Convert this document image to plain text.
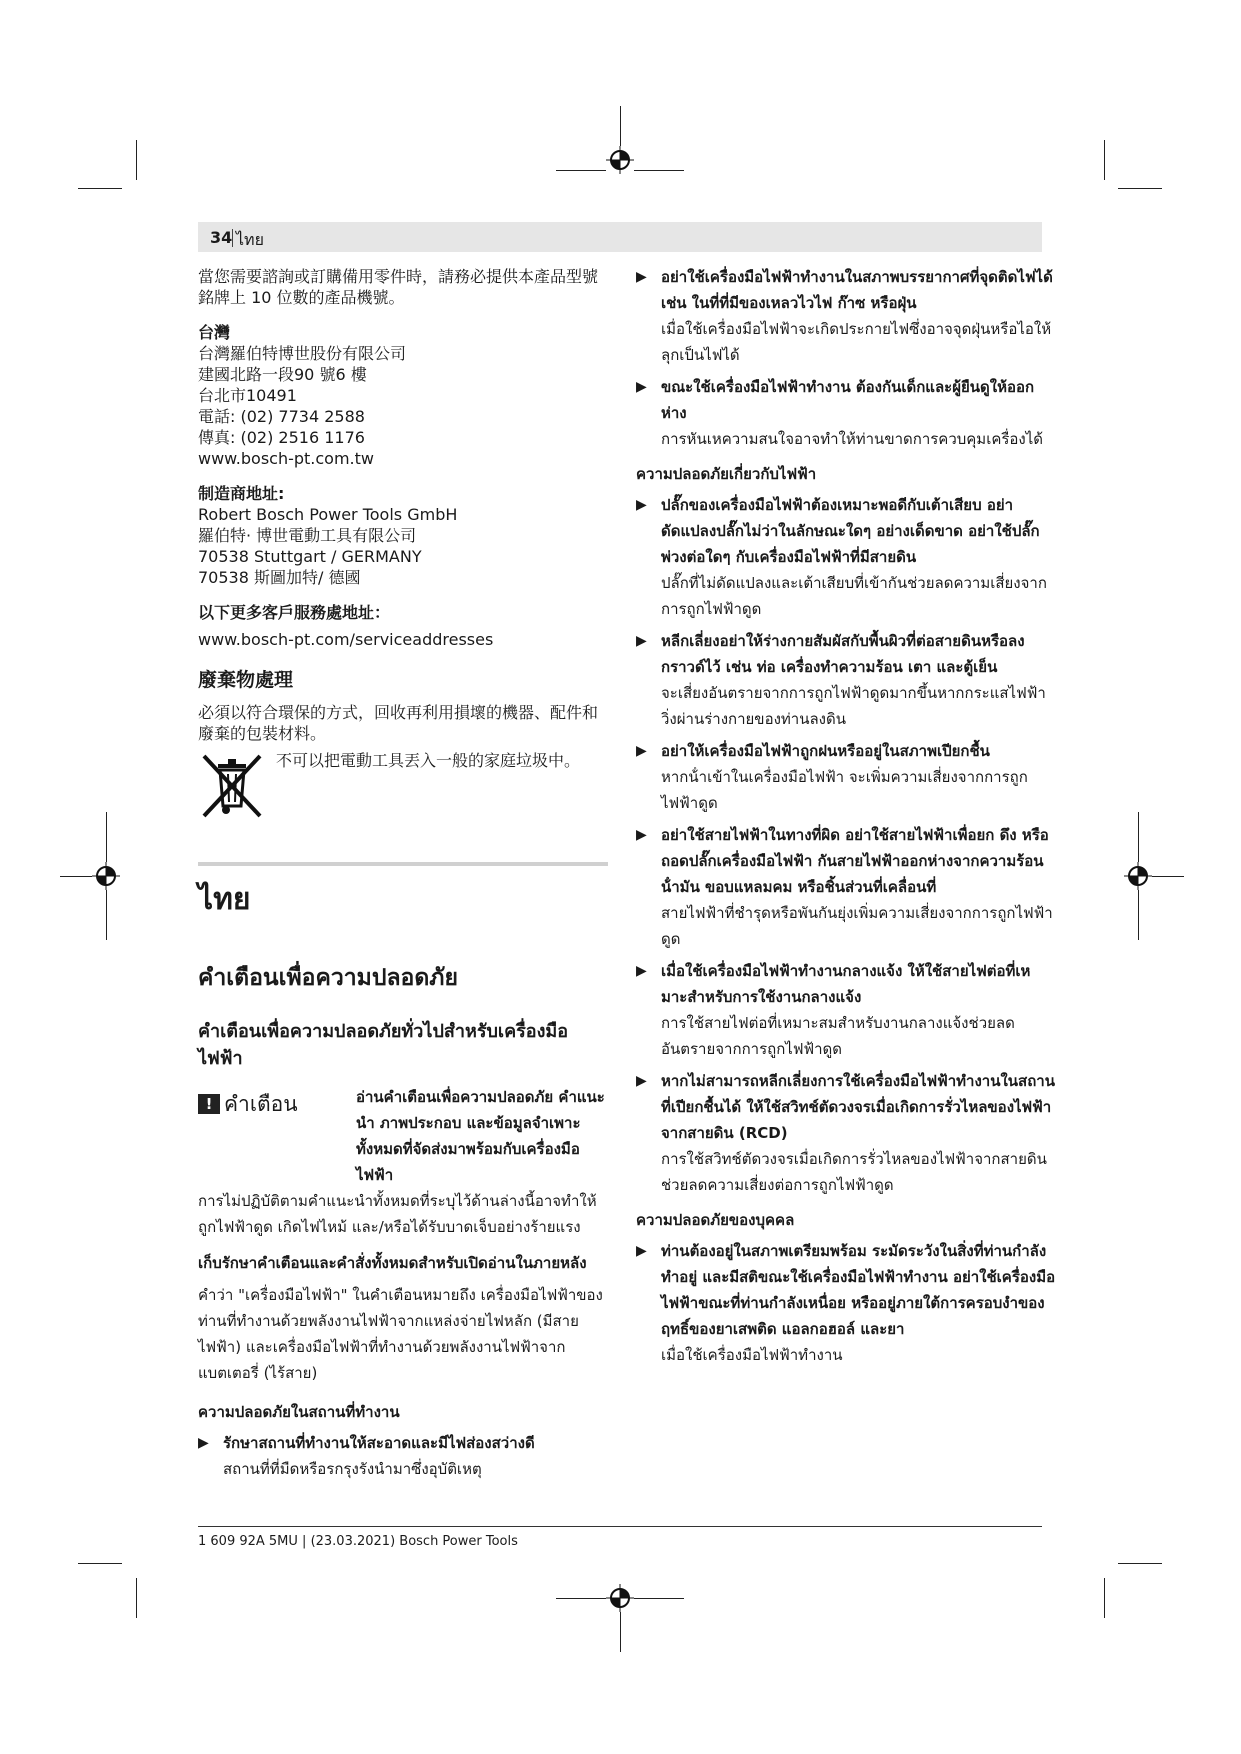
34 ไทย

當您需要諮詢或訂購備用零件時，請務必提供本產品型號銘牌上 10 位數的產品機號。

台灣

台灣羅伯特博世股份有限公司

建國北路一段90 號6 樓

台北市10491

電話: (02) 7734 2588

傳真: (02) 2516 1176

www.bosch-pt.com.tw

制造商地址:

Robert Bosch Power Tools GmbH

羅伯特· 博世電動工具有限公司

70538 Stuttgart / GERMANY

70538 斯圖加特/ 德國

以下更多客戶服務處地址：

www.bosch-pt.com/serviceaddresses

廢棄物處理

必須以符合環保的方式，回收再利用損壞的機器、配件和廢棄的包裝材料。

不可以把電動工具丟入一般的家庭垃圾中。

ไทย

คําเตือนเพื่อความปลอดภัย

คําเตือนเพื่อความปลอดภัยทั่วไปสําหรับเครื่องมือไฟฟ้า

! คําเตือน	อ่านคําเตือนเพื่อความปลอดภัย คําแนะนํา ภาพประกอบ และข้อมูลจําเพาะทั้งหมดที่จัดส่งมาพร้อมกับเครื่องมือไฟฟ้า

การไม่ปฏิบัติตามคําแนะนําทั้งหมดที่ระบุไว้ด้านล่างนี้อาจทําให้ถูกไฟฟ้าดูด เกิดไฟไหม้ และ/หรือได้รับบาดเจ็บอย่างร้ายแรง

เก็บรักษาคําเตือนและคําสั่งทั้งหมดสําหรับเปิดอ่านในภายหลัง

คําว่า "เครื่องมือไฟฟ้า" ในคําเตือนหมายถึง เครื่องมือไฟฟ้าของท่านที่ทํางานด้วยพลังงานไฟฟ้าจากแหล่งจ่ายไฟหลัก (มีสายไฟฟ้า) และเครื่องมือไฟฟ้าที่ทํางานด้วยพลังงานไฟฟ้าจากแบตเตอรี่ (ไร้สาย)

ความปลอดภัยในสถานที่ทํางาน

▶ รักษาสถานที่ทํางานให้สะอาดและมีไฟส่องสว่างดี

สถานที่ที่มืดหรือรกรุงรังนํามาซึ่งอุบัติเหตุ

▶ อย่าใช้เครื่องมือไฟฟ้าทํางานในสภาพบรรยากาศที่จุดติดไฟได้ เช่น ในที่ที่มีของเหลวไวไฟ ก๊าซ หรือฝุ่น

เมื่อใช้เครื่องมือไฟฟ้าจะเกิดประกายไฟซึ่งอาจจุดฝุ่นหรือไอให้ลุกเป็นไฟได้

▶ ขณะใช้เครื่องมือไฟฟ้าทํางาน ต้องกันเด็กและผู้ยืนดูให้ออกห่าง

การหันเหความสนใจอาจทําให้ท่านขาดการควบคุมเครื่องได้

ความปลอดภัยเกี่ยวกับไฟฟ้า

▶ ปลั๊กของเครื่องมือไฟฟ้าต้องเหมาะพอดีกับเต้าเสียบ อย่าดัดแปลงปลั๊กไม่ว่าในลักษณะใดๆ อย่างเด็ดขาด อย่าใช้ปลั๊กพ่วงต่อใดๆ กับเครื่องมือไฟฟ้าที่มีสายดิน

ปลั๊กที่ไม่ดัดแปลงและเต้าเสียบที่เข้ากันช่วยลดความเสี่ยงจากการถูกไฟฟ้าดูด

▶ หลีกเลี่ยงอย่าให้ร่างกายสัมผัสกับพื้นผิวที่ต่อสายดินหรือลงกราวด์ไว้ เช่น ท่อ เครื่องทําความร้อน เตา และตู้เย็น

จะเสี่ยงอันตรายจากการถูกไฟฟ้าดูดมากขึ้นหากกระแสไฟฟ้าวิ่งผ่านร่างกายของท่านลงดิน

▶ อย่าให้เครื่องมือไฟฟ้าถูกฝนหรืออยู่ในสภาพเปียกชื้น

หากน้ําเข้าในเครื่องมือไฟฟ้า จะเพิ่มความเสี่ยงจากการถูกไฟฟ้าดูด

▶ อย่าใช้สายไฟฟ้าในทางที่ผิด อย่าใช้สายไฟฟ้าเพื่อยก ดึง หรือถอดปลั๊กเครื่องมือไฟฟ้า กันสายไฟฟ้าออกห่างจากความร้อน น้ํามัน ขอบแหลมคม หรือชิ้นส่วนที่เคลื่อนที่

สายไฟฟ้าที่ชํารุดหรือพันกันยุ่งเพิ่มความเสี่ยงจากการถูกไฟฟ้าดูด

▶ เมื่อใช้เครื่องมือไฟฟ้าทํางานกลางแจ้ง ให้ใช้สายไฟต่อที่เหมาะสําหรับการใช้งานกลางแจ้ง

การใช้สายไฟต่อที่เหมาะสมสําหรับงานกลางแจ้งช่วยลดอันตรายจากการถูกไฟฟ้าดูด

▶ หากไม่สามารถหลีกเลี่ยงการใช้เครื่องมือไฟฟ้าทํางานในสถานที่เปียกชื้นได้ ให้ใช้สวิทช์ตัดวงจรเมื่อเกิดการรั่วไหลของไฟฟ้าจากสายดิน (RCD)

การใช้สวิทช์ตัดวงจรเมื่อเกิดการรั่วไหลของไฟฟ้าจากสายดินช่วยลดความเสี่ยงต่อการถูกไฟฟ้าดูด

ความปลอดภัยของบุคคล

▶ ท่านต้องอยู่ในสภาพเตรียมพร้อม ระมัดระวังในสิ่งที่ท่านกําลังทําอยู่ และมีสติขณะใช้เครื่องมือไฟฟ้าทํางาน อย่าใช้เครื่องมือไฟฟ้าขณะที่ท่านกําลังเหนื่อย หรืออยู่ภายใต้การครอบงําของฤทธิ์ของยาเสพติด แอลกอฮอล์ และยา

เมื่อใช้เครื่องมือไฟฟ้าทํางาน

1 609 92A 5MU | (23.03.2021) Bosch Power Tools
